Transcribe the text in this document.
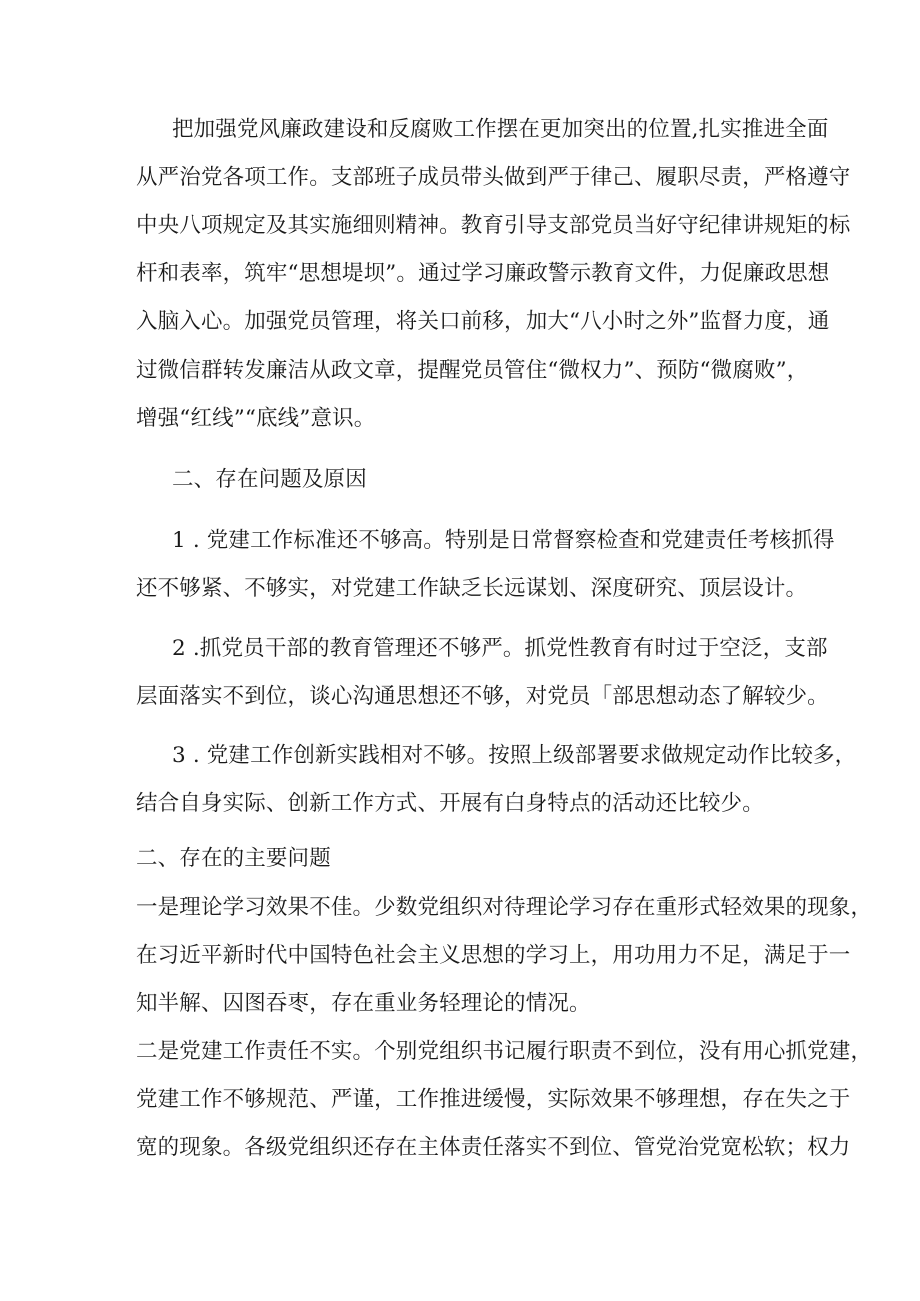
把加强党风廉政建设和反腐败工作摆在更加突出的位置,扎实推进全面
从严治党各项工作。支部班子成员带头做到严于律己、履职尽责，严格遵守
中央八项规定及其实施细则精神。教育引导支部党员当好守纪律讲规矩的标
杆和表率，筑牢“思想堤坝”。通过学习廉政警示教育文件，力促廉政思想
入脑入心。加强党员管理，将关口前移，加大“八小时之外”监督力度，通
过微信群转发廉洁从政文章，提醒党员管住“微权力”、预防“微腐败”，
增强“红线”“底线”意识。
二、存在问题及原因
1 . 党建工作标准还不够高。特别是日常督察检查和党建责任考核抓得
还不够紧、不够实，对党建工作缺乏长远谋划、深度研究、顶层设计。
2 .抓党员干部的教育管理还不够严。抓党性教育有时过于空泛，支部
层面落实不到位，谈心沟通思想还不够，对党员「部思想动态了解较少。
3 . 党建工作创新实践相对不够。按照上级部署要求做规定动作比较多，
结合自身实际、创新工作方式、开展有白身特点的活动还比较少。
二、存在的主要问题
一是理论学习效果不佳。少数党组织对待理论学习存在重形式轻效果的现象，
在习近平新时代中国特色社会主义思想的学习上，用功用力不足，满足于一
知半解、囚图吞枣，存在重业务轻理论的情况。
二是党建工作责任不实。个别党组织书记履行职责不到位，没有用心抓党建，
党建工作不够规范、严谨，工作推进缓慢，实际效果不够理想，存在失之于
宽的现象。各级党组织还存在主体责任落实不到位、管党治党宽松软；权力
